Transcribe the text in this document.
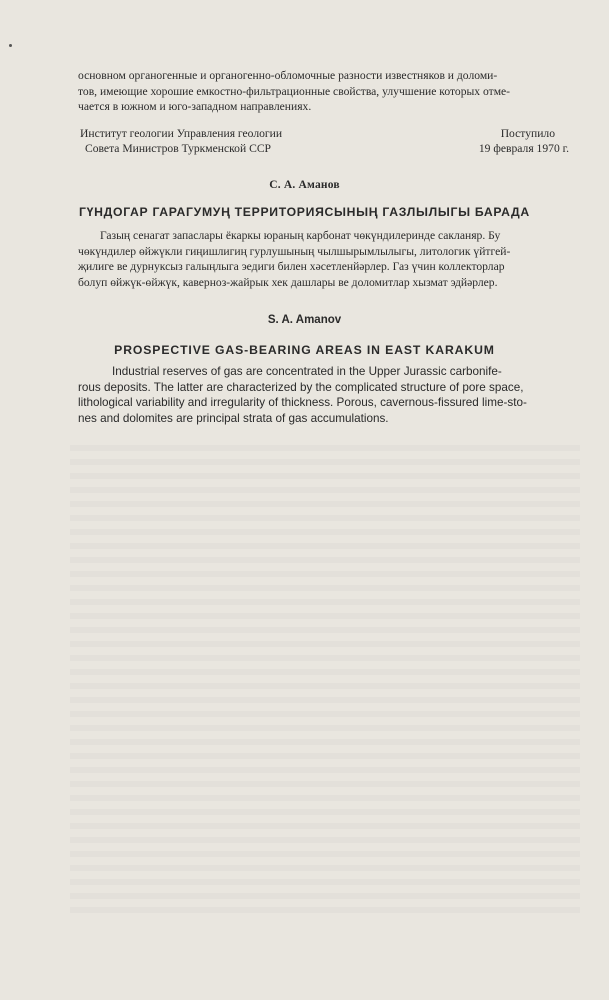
основном органогенные и органогенно-обломочные разности известняков и доломи-
тов, имеющие хорошие емкостно-фильтрационные свойства, улучшение которых отме-
чается в южном и юго-западном направлениях.
Институт геологии Управления геологии
Совета Министров Туркменской ССР
Поступило
19 февраля 1970 г.
С. А. Аманов
ГҮНДОГАР ГАРАГУМУҢ ТЕРРИТОРИЯСЫНЫҢ ГАЗЛЫЛЫГЫ БАРАДА
Газың сенагат запаслары ёкаркы юраның карбонат чөкүндилеринде сакланяр. Бу
чөкүндилер өйжүкли гиңишлигиң гурлушының чылшырымлылыгы, литологик үйтгей-
җилиге ве дурнуксыз галыңлыга эедиги билен хәсетленйәрлер. Газ үчин коллекторлар
болуп өйжүк-өйжүк, каверноз-жайрык хек дашлары ве доломитлар хызмат эдйәрлер.
S. A. Amanov
PROSPECTIVE GAS-BEARING AREAS IN EAST KARAKUM
Industrial reserves of gas are concentrated in the Upper Jurassic carbonife-
rous deposits. The latter are characterized by the complicated structure of pore space,
lithological variability and irregularity of thickness. Porous, cavernous-fissured lime-sto-
nes and dolomites are principal strata of gas accumulations.
